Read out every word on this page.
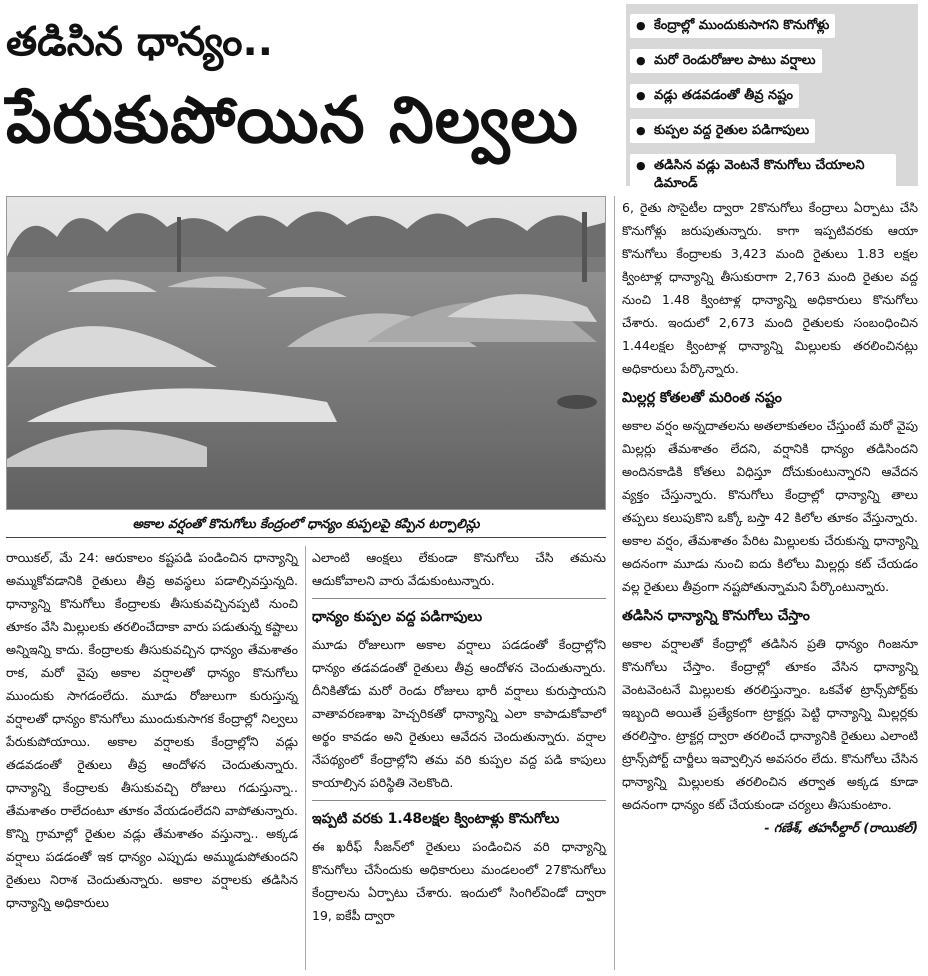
తడిసిన ధాన్యం..
పేరుకుపోయిన నిల్వలు
● కేంద్రాల్లో ముందుకుసాగని కొనుగోళ్లు ● మరో రెండురోజుల పాటు వర్షాలు ● వడ్లు తడవడంతో తీవ్ర నష్టం ● కుప్పల వద్ద రైతుల పడిగాపులు ● తడిసిన వడ్లు వెంటనే కొనుగోలు చేయాలని డిమాండ్
అకాల వర్షంతో కొనుగోలు కేంద్రంలో ధాన్యం కుప్పలపై కప్పిన టర్పాలిన్లు

రాయికల్, మే 24: ఆరుకాలం కష్టపడి పండించిన ధాన్యాన్ని అమ్ముకోవడానికి రైతులు తీవ్ర అవస్థలు పడాల్సివస్తున్నది. ధాన్యాన్ని కొనుగోలు కేంద్రాలకు తీసుకువచ్చినప్పటి నుంచి తూకం వేసి మిల్లులకు తరలించేదాకా వారు పడుతున్న కష్టాలు అన్నిఇన్ని కాదు. కేంద్రాలకు తీసుకువచ్చిన ధాన్యం తేమశాతం రాక, మరో వైపు అకాల వర్షాలతో ధాన్యం కొనుగోలు ముందుకు సాగడంలేదు. మూడు రోజులుగా కురుస్తున్న వర్షాలతో ధాన్యం కొనుగోలు ముందుకుసాగక కేంద్రాల్లో నిల్వలు పేరుకుపోయాయి. అకాల వర్షాలకు కేంద్రాల్లోని వడ్లు తడవడంతో రైతులు తీవ్ర ఆందోళన చెందుతున్నారు. ధాన్యాన్ని కేంద్రాలకు తీసుకువచ్చి రోజులు గడుస్తున్నా.. తేమశాతం రాలేదంటూ తూకం వేయడంలేదని వాపోతున్నారు. కొన్ని గ్రామాల్లో రైతుల వడ్లు తేమశాతం వస్తున్నా.. అక్కడ వర్షాలు పడడంతో ఇక ధాన్యం ఎప్పుడు అమ్ముడుపోతుందని రైతులు నిరాశ చెందుతున్నారు. అకాల వర్షాలకు తడిసిన ధాన్యాన్ని అధికారులు

ఎలాంటి ఆంక్షలు లేకుండా కొనుగోలు చేసి తమను ఆదుకోవాలని వారు వేడుకుంటున్నారు.

ధాన్యం కుప్పల వద్ద పడిగాపులు

మూడు రోజులుగా అకాల వర్షాలు పడడంతో కేంద్రాల్లోని ధాన్యం తడవడంతో రైతులు తీవ్ర ఆందోళన చెందుతున్నారు. దీనికితోడు మరో రెండు రోజులు భారీ వర్షాలు కురుస్తాయని వాతావరణశాఖ హెచ్చరికతో ధాన్యాన్ని ఎలా కాపాడుకోవాలో అర్థం కావడం అని రైతులు ఆవేదన చెందుతున్నారు. వర్షాల నేపథ్యంలో కేంద్రాల్లోని తమ వరి కుప్పల వద్ద పడి కాపులు కాయాల్సిన పరిస్థితి నెలకొంది.

ఇప్పటి వరకు 1.48లక్షల క్వింటాళ్లు కొనుగోలు

ఈ ఖరీఫ్ సీజన్‌లో రైతులు పండించిన వరి ధాన్యాన్ని కొనుగోలు చేసేందుకు అధికారులు మండలంలో 27కొనుగోలు కేంద్రాలను ఏర్పాటు చేశారు. ఇందులో సింగిల్‌విండో ద్వారా 19, ఐకేపీ ద్వారా

6, రైతు సొసైటీల ద్వారా 2కొనుగోలు కేంద్రాలు ఏర్పాటు చేసి కొనుగోళ్లు జరుపుతున్నారు. కాగా ఇప్పటివరకు ఆయా కొనుగోలు కేంద్రాలకు 3,423 మంది రైతులు 1.83 లక్షల క్వింటాళ్ల ధాన్యాన్ని తీసుకురాగా 2,763 మంది రైతుల వద్ద నుంచి 1.48 క్వింటాళ్ల ధాన్యాన్ని అధికారులు కొనుగోలు చేశారు. ఇందులో 2,673 మంది రైతులకు సంబంధించిన 1.44లక్షల క్వింటాళ్ల ధాన్యాన్ని మిల్లులకు తరలించినట్లు అధికారులు పేర్కొన్నారు.

మిల్లర్ల కోతలతో మరింత నష్టం

అకాల వర్షం అన్నదాతలను అతలాకుతలం చేస్తుంటే మరో వైపు మిల్లర్లు తేమశాతం లేదని, వర్షానికి ధాన్యం తడిసిందని అందినకాడికి కోతలు విధిస్తూ దోచుకుంటున్నారని ఆవేదన వ్యక్తం చేస్తున్నారు. కొనుగోలు కేంద్రాల్లో ధాన్యాన్ని తాలు తప్పలు కలుపుకొని ఒక్కో బస్తా 42 కిలోల తూకం వేస్తున్నారు. అకాల వర్షం, తేమశాతం పేరిట మిల్లులకు చేరుకున్న ధాన్యాన్ని అదనంగా మూడు నుంచి ఐదు కిలోలు మిల్లర్లు కట్ చేయడం వల్ల రైతులు తీవ్రంగా నష్టపోతున్నామని పేర్కొంటున్నారు.

తడిసిన ధాన్యాన్ని కొనుగోలు చేస్తాం

అకాల వర్షాలతో కేంద్రాల్లో తడిసిన ప్రతి ధాన్యం గింజనూ కొనుగోలు చేస్తాం. కేంద్రాల్లో తూకం వేసిన ధాన్యాన్ని వెంటవెంటనే మిల్లులకు తరలిస్తున్నాం. ఒకవేళ ట్రాన్స్‌పోర్ట్‌కు ఇబ్బంది అయితే ప్రత్యేకంగా ట్రాక్టర్లు పెట్టి ధాన్యాన్ని మిల్లర్లకు తరలిస్తాం. ట్రాక్టర్ల ద్వారా తరలించే ధాన్యానికి రైతులు ఎలాంటి ట్రాన్స్‌పోర్ట్ చార్జీలు ఇవ్వాల్సిన అవసరం లేదు. కొనుగోలు చేసిన ధాన్యాన్ని మిల్లులకు తరలించిన తర్వాత అక్కడ కూడా అదనంగా ధాన్యం కట్ చేయకుండా చర్యలు తీసుకుంటాం.

- గణేశ్, తహసీల్దార్ (రాయికల్)
